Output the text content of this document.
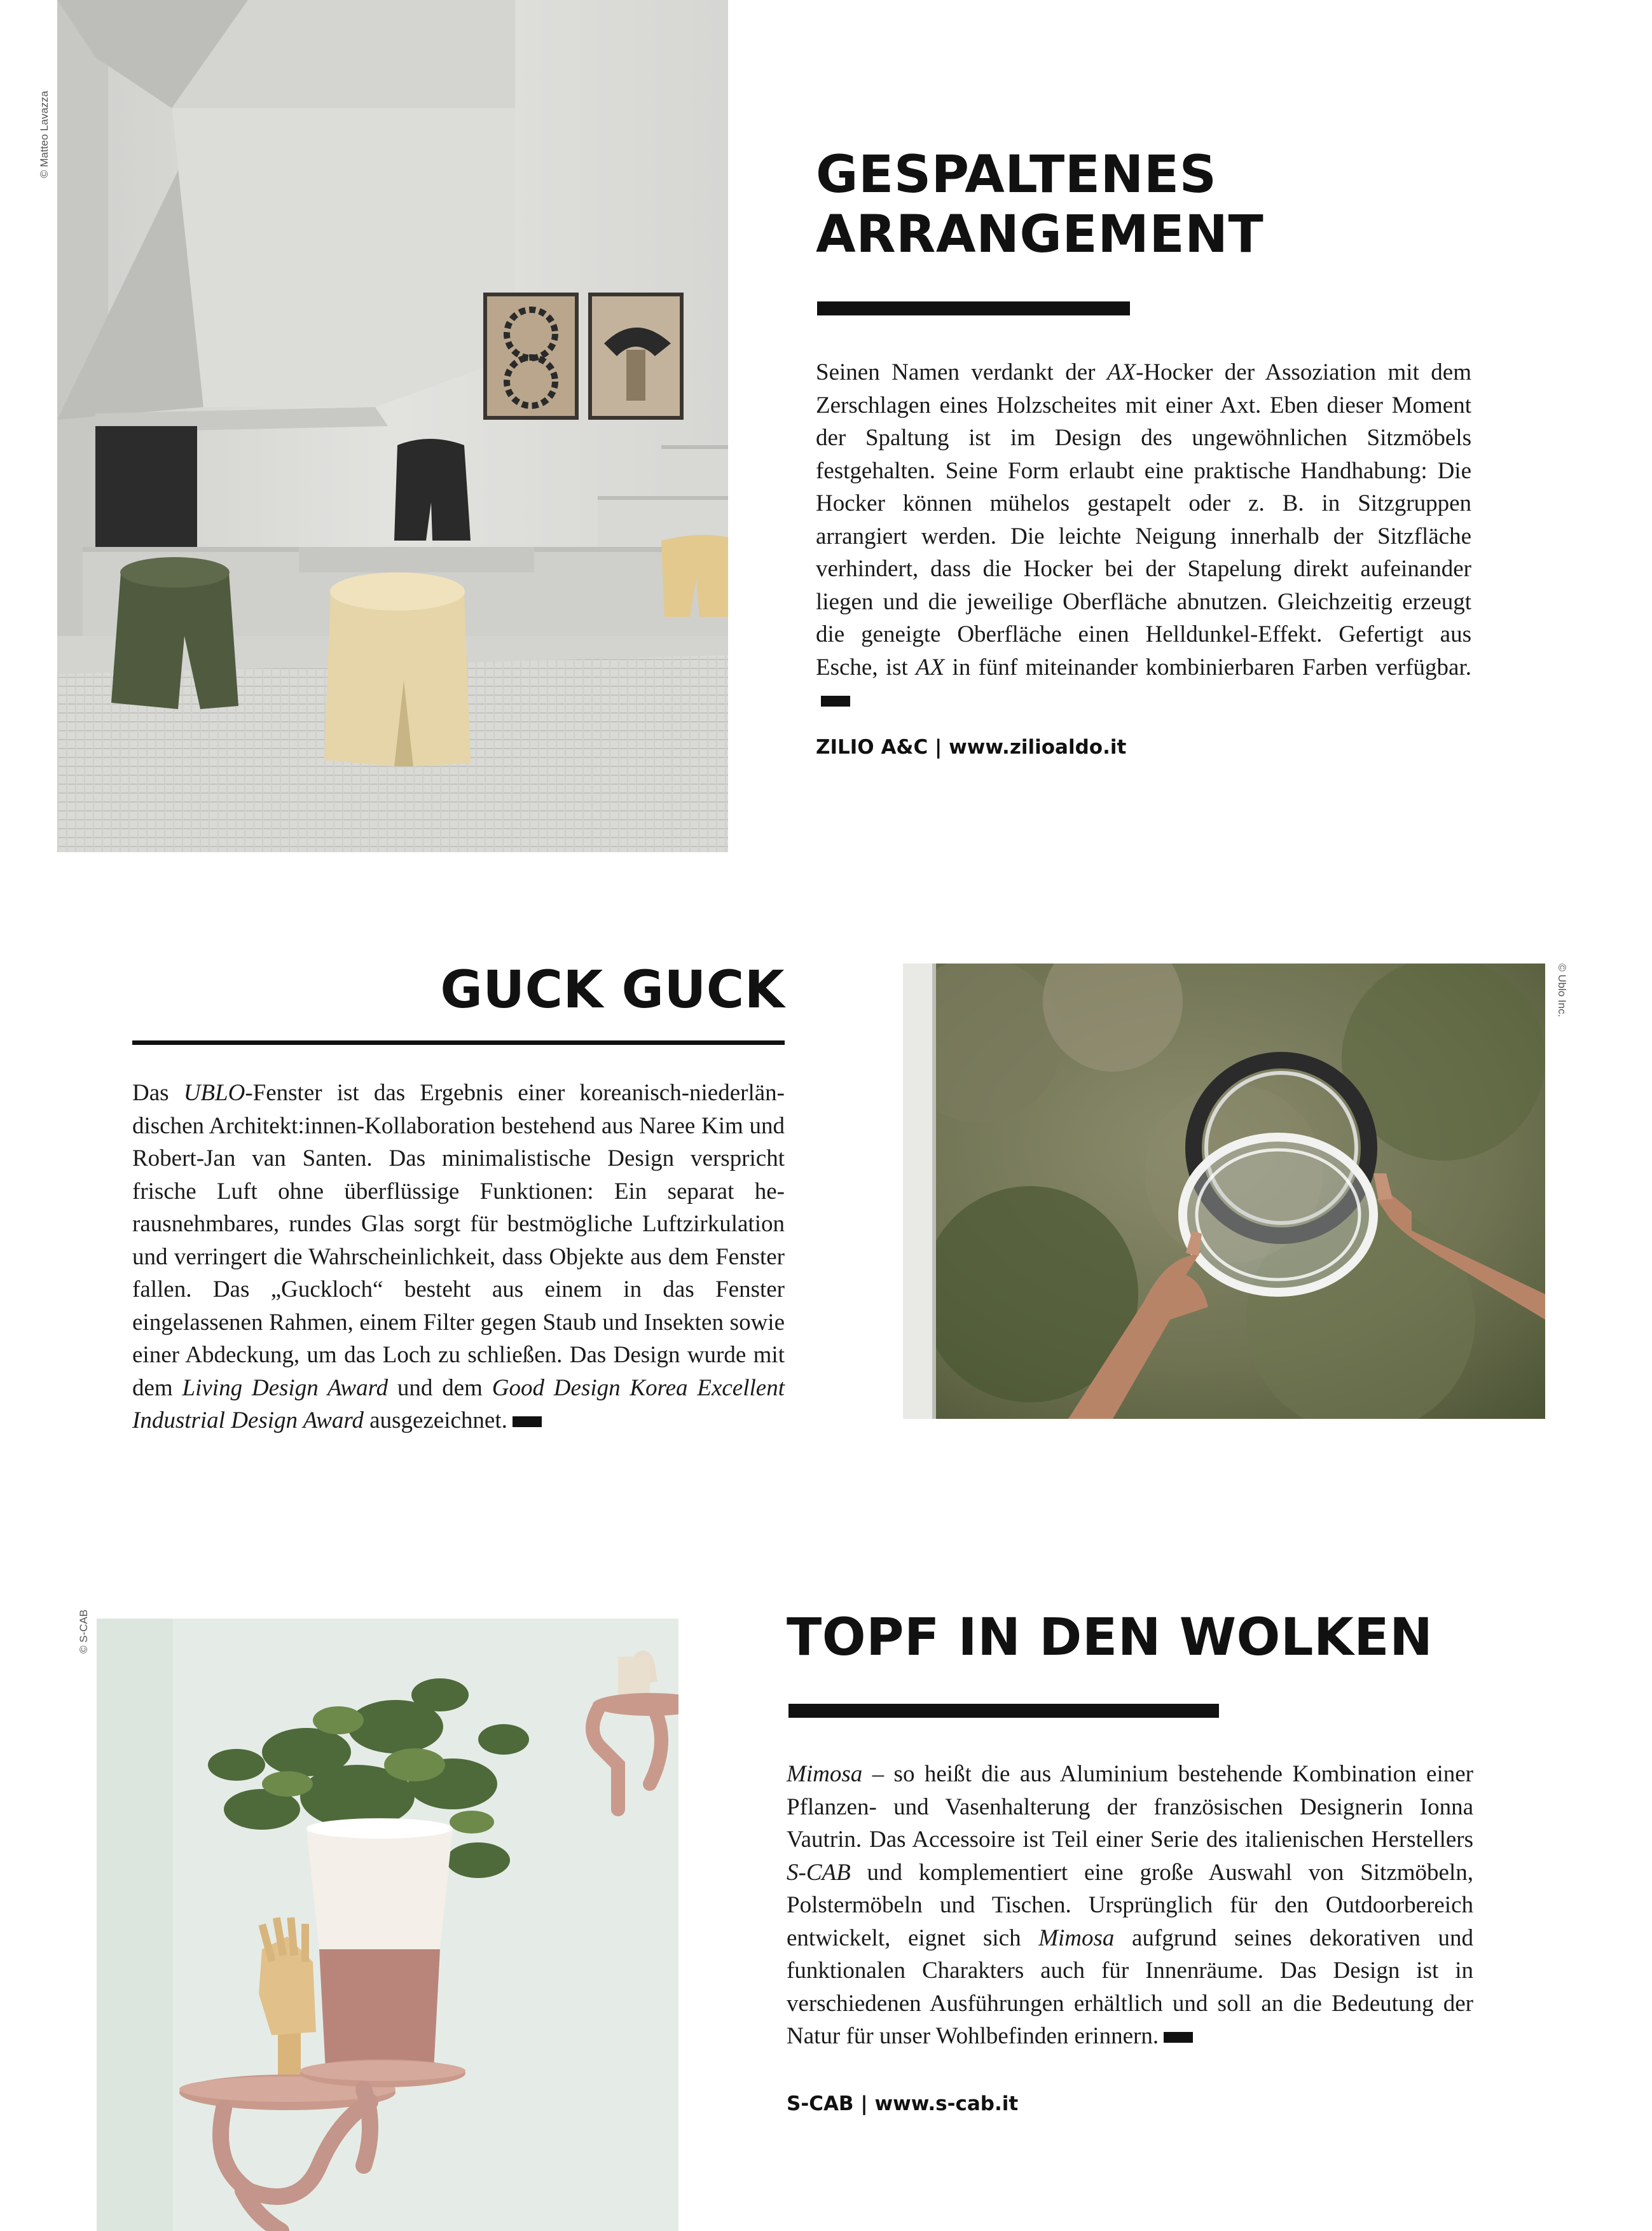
© Matteo Lavazza	GESPALTENES
ARRANGEMENT

Seinen Namen verdankt der AX-Hocker der Assoziation mit dem Zerschlagen eines Holzscheites mit einer Axt. Eben dieser Moment der Spaltung ist im Design des ungewöhnlichen Sitzmöbels festgehalten. Seine Form erlaubt eine praktische Handhabung: Die Hocker können mühelos gestapelt oder z. B. in Sitzgruppen arrangiert werden. Die leichte Neigung innerhalb der Sitzfläche verhindert, dass die Hocker bei der Stapelung direkt aufeinander liegen und die jeweilige Oberfläche abnutzen. Gleichzeitig erzeugt die geneigte Oberfläche einen Helldunkel-Effekt. Gefertigt aus Esche, ist AX in fünf miteinander kombinierbaren Farben verfügbar.

ZILIO A&C | www.zilioaldo.it

GUCK GUCK

Das UBLO-Fenster ist das Ergebnis einer koreanisch-niederländischen Architekt:innen-Kollaboration bestehend aus Naree Kim und Robert-Jan van Santen. Das minimalistische Design verspricht frische Luft ohne überflüssige Funktionen: Ein separat herausnehmbares, rundes Glas sorgt für bestmögliche Luftzirkulation und verringert die Wahrscheinlichkeit, dass Objekte aus dem Fenster fallen. Das „Guckloch“ besteht aus einem in das Fenster eingelassenen Rahmen, einem Filter gegen Staub und Insekten sowie einer Abdeckung, um das Loch zu schließen. Das Design wurde mit dem Living Design Award und dem Good Design Korea Excellent Industrial Design Award ausgezeichnet.

© Ublo Inc.
© S-CAB	TOPF IN DEN WOLKEN

Mimosa – so heißt die aus Aluminium bestehende Kombination einer Pflanzen- und Vasenhalterung der französischen Designerin Ionna Vautrin. Das Accessoire ist Teil einer Serie des italienischen Herstellers S-CAB und komplementiert eine große Auswahl von Sitzmöbeln, Polstermöbeln und Tischen. Ursprünglich für den Outdoorbereich entwickelt, eignet sich Mimosa aufgrund seines dekorativen und funktionalen Charakters auch für Innenräume. Das Design ist in verschiedenen Ausführungen erhältlich und soll an die Bedeutung der Natur für unser Wohlbefinden erinnern.

S-CAB | www.s-cab.it
